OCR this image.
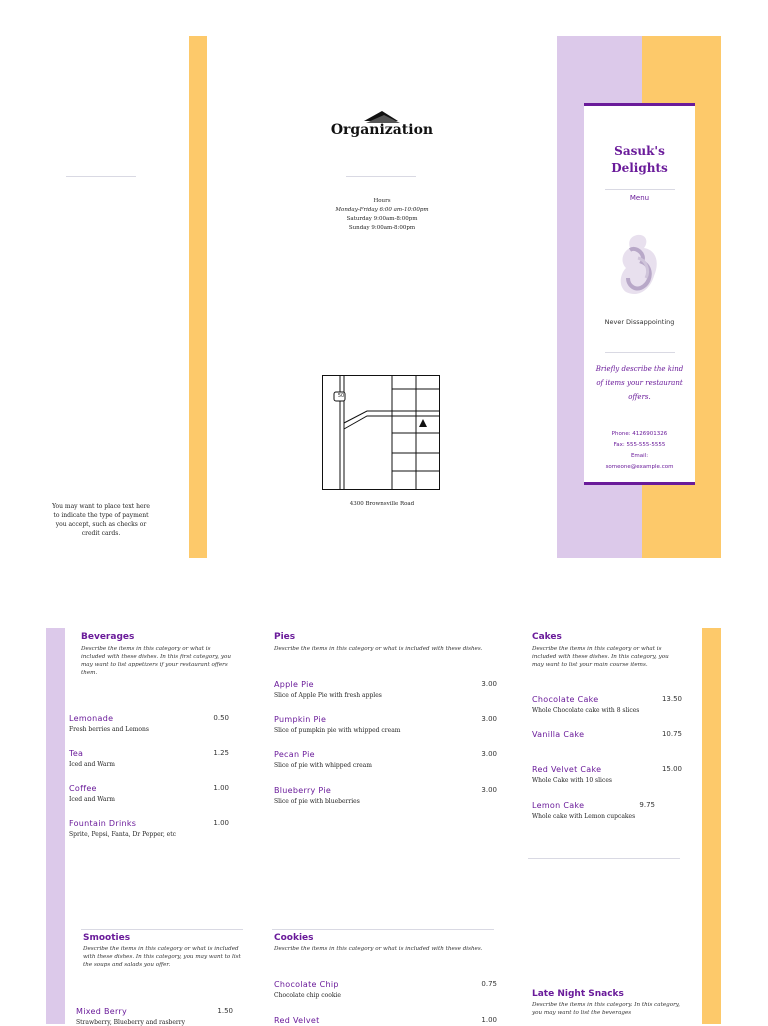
You may want to place text here to indicate the type of payment you accept, such as checks or credit cards.
Organization
Hours
Monday-Friday 6:00 am-10:00pm
Saturday 9:00am-8:00pm
Sunday 9:00am-8:00pm
50
4300 Brownsville Road
Sasuk's
Delights
Menu
Never Dissappointing
Briefly describe the kind of items your restaurant offers.
Phone: 4126901326
Fax: 555-555-5555
Email:
someone@example.com
Beverages
Describe the items in this category or what is included with these dishes. In this first category, you may want to list appetizers if your restaurant offers them.
Lemonade	0.50
Fresh berries and Lemons
Tea	1.25
Iced and Warm
Coffee	1.00
Iced and Warm
Fountain Drinks	1.00
Sprite, Pepsi, Fanta, Dr Pepper, etc
Pies
Describe the items in this category or what is included with these dishes.
Apple Pie	3.00
Slice of Apple Pie with fresh apples
Pumpkin Pie	3.00
Slice of pumpkin pie with whipped cream
Pecan Pie	3.00
Slice of pie with whipped cream
Blueberry Pie	3.00
Slice of pie with blueberries
Cakes
Describe the items in this category or what is included with these dishes. In this category, you may want to list your main course items.
Chocolate Cake	13.50
Whole Chocolate cake with 8 slices
Vanilla Cake	10.75
Red Velvet Cake	15.00
Whole Cake with 10 slices
Lemon Cake	9.75
Whole cake with Lemon cupcakes
Smooties
Describe the items in this category or what is included with these dishes. In this category, you may want to list the soups and salads you offer.
Mixed Berry	1.50
Strawberry, Blueberry and rasberry
Cookies
Describe the items in this category or what is included with these dishes.
Chocolate Chip	0.75
Chocolate chip cookie
Red Velvet	1.00
Late Night Snacks
Describe the items in this category. In this category, you may want to list the beverages
